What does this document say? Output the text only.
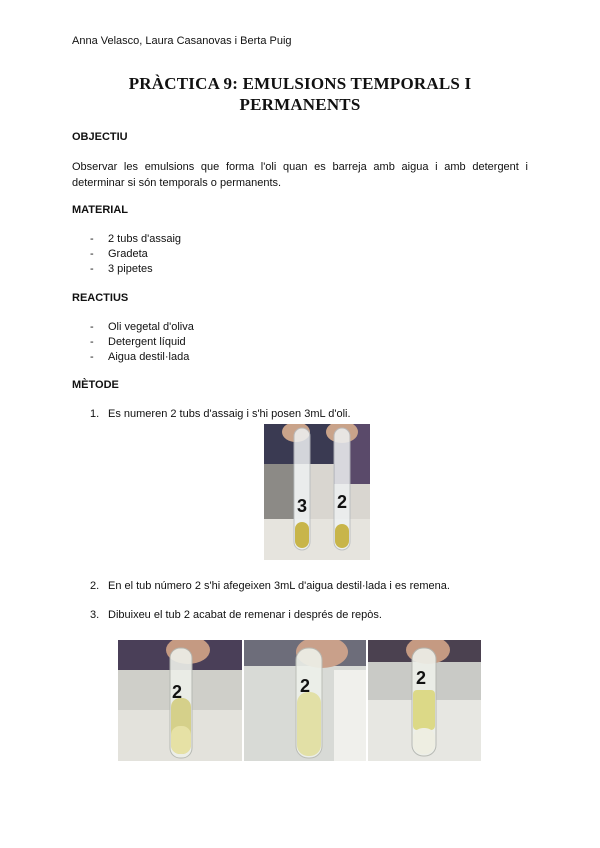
Anna Velasco, Laura Casanovas i Berta Puig
PRÀCTICA 9: EMULSIONS TEMPORALS I
PERMANENTS
OBJECTIU
Observar les emulsions que forma l'oli quan es barreja amb aigua i amb detergent i determinar si són temporals o permanents.
MATERIAL
- 2 tubs d'assaig
- Gradeta
- 3 pipetes
REACTIUS
- Oli vegetal d'oliva
- Detergent líquid
- Aigua destil·lada
MÈTODE
1. Es numeren 2 tubs d'assaig i s'hi posen 3mL d'oli.
3 2
2. En el tub número 2 s'hi afegeixen 3mL d'aigua destil·lada i es remena.
3. Dibuixeu el tub 2 acabat de remenar i després de repòs.
2	2	2
